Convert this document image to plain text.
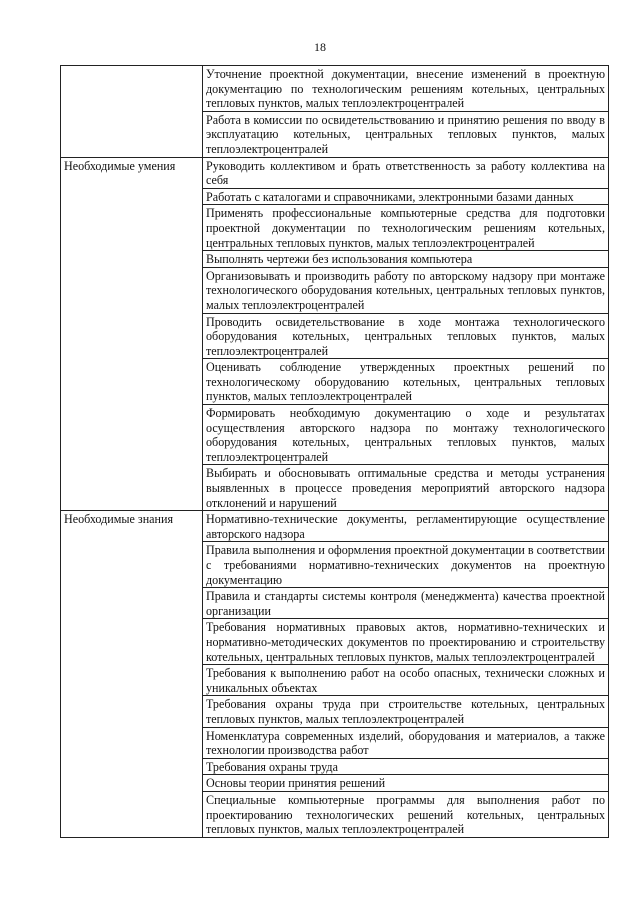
18
	Уточнение проектной документации, внесение изменений в проектную документацию по технологическим решениям котельных, центральных тепловых пунктов, малых теплоэлектроцентралей
	Работа в комиссии по освидетельствованию и принятию решения по вводу в эксплуатацию котельных, центральных тепловых пунктов, малых теплоэлектроцентралей
Необходимые умения	Руководить коллективом и брать ответственность за работу коллектива на себя
	Работать с каталогами и справочниками, электронными базами данных
	Применять профессиональные компьютерные средства для подготовки проектной документации по технологическим решениям котельных, центральных тепловых пунктов, малых теплоэлектроцентралей
	Выполнять чертежи без использования компьютера
	Организовывать и производить работу по авторскому надзору при монтаже технологического оборудования котельных, центральных тепловых пунктов, малых теплоэлектроцентралей
	Проводить освидетельствование в ходе монтажа технологического оборудования котельных, центральных тепловых пунктов, малых теплоэлектроцентралей
	Оценивать соблюдение утвержденных проектных решений по технологическому оборудованию котельных, центральных тепловых пунктов, малых теплоэлектроцентралей
	Формировать необходимую документацию о ходе и результатах осуществления авторского надзора по монтажу технологического оборудования котельных, центральных тепловых пунктов, малых теплоэлектроцентралей
	Выбирать и обосновывать оптимальные средства и методы устранения выявленных в процессе проведения мероприятий авторского надзора отклонений и нарушений
Необходимые знания	Нормативно-технические документы, регламентирующие осуществление авторского надзора
	Правила выполнения и оформления проектной документации в соответствии с требованиями нормативно-технических документов на проектную документацию
	Правила и стандарты системы контроля (менеджмента) качества проектной организации
	Требования нормативных правовых актов, нормативно-технических и нормативно-методических документов по проектированию и строительству котельных, центральных тепловых пунктов, малых теплоэлектроцентралей
	Требования к выполнению работ на особо опасных, технически сложных и уникальных объектах
	Требования охраны труда при строительстве котельных, центральных тепловых пунктов, малых теплоэлектроцентралей
	Номенклатура современных изделий, оборудования и материалов, а также технологии производства работ
	Требования охраны труда
	Основы теории принятия решений
	Специальные компьютерные программы для выполнения работ по проектированию технологических решений котельных, центральных тепловых пунктов, малых теплоэлектроцентралей
